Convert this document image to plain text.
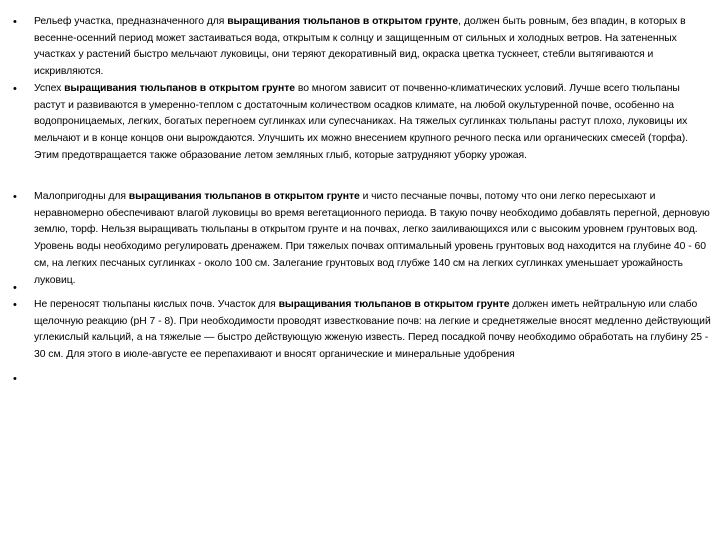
•	Рельеф участка, предназначенного для выращивания тюльпанов в открытом грунте, должен быть ровным, без впадин, в которых в весенне-осенний период может застаиваться вода, открытым к солнцу и защищенным от сильных и холодных ветров. На затененных участках у растений быстро мельчают луковицы, они теряют декоративный вид, окраска цветка тускнеет, стебли вытягиваются и искривляются.
•	Успех выращивания тюльпанов в открытом грунте во многом зависит от почвенно-климатических условий. Лучше всего тюльпаны растут и развиваются в умеренно-теплом с достаточным количеством осадков климате, на любой окультуренной почве, особенно на водопроницаемых, легких, богатых перегноем суглинках или супесчаниках. На тяжелых суглинках тюльпаны растут плохо, луковицы их мельчают и в конце концов они вырождаются. Улучшить их можно внесением крупного речного песка или органических смесей (торфа). Этим предотвращается также образование летом земляных глыб, которые затрудняют уборку урожая.
•	Малопригодны для выращивания тюльпанов в открытом грунте и чисто песчаные почвы, потому что они легко пересыхают и неравномерно обеспечивают влагой луковицы во время вегетационного периода. В такую почву необходимо добавлять перегной, дерновую землю, торф. Нельзя выращивать тюльпаны в открытом грунте и на почвах, легко заиливающихся или с высоким уровнем грунтовых вод. Уровень воды необходимо регулировать дренажем. При тяжелых почвах оптимальный уровень грунтовых вод находится на глубине 40 - 60 см, на легких песчаных суглинках - около 100 см. Залегание грунтовых вод глубже 140 см на легких суглинках уменьшает урожайность луковиц.
•
•	Не переносят тюльпаны кислых почв. Участок для выращивания тюльпанов в открытом грунте должен иметь нейтральную или слабо щелочную реакцию (рН 7 - 8). При необходимости проводят известкование почв: на легкие и среднетяжелые вносят медленно действующий углекислый кальций, а на тяжелые — быстро действующую жженую известь. Перед посадкой почву необходимо обработать на глубину 25 - 30 см. Для этого в июле-августе ее перепахивают и вносят органические и минеральные удобрения
•
